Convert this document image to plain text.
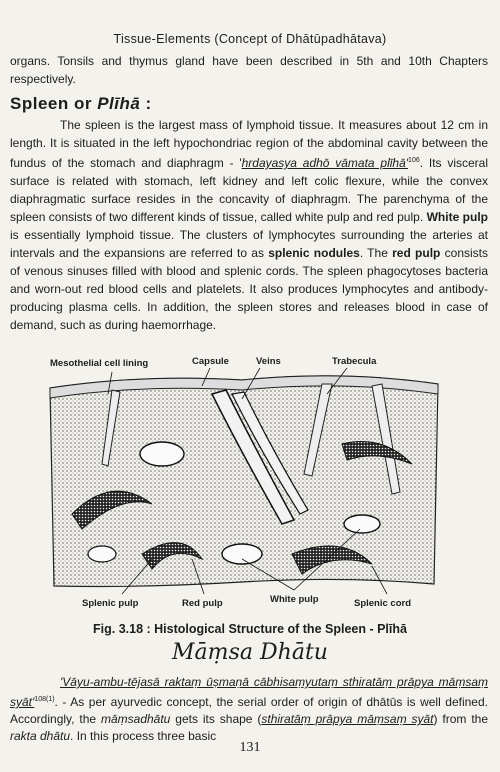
Tissue-Elements (Concept of Dhātūpadhātava)
organs. Tonsils and thymus gland have been described in 5th and 10th Chapters respectively.
Spleen or Plīhā :
The spleen is the largest mass of lymphoid tissue. It measures about 12 cm in length. It is situated in the left hypochondriac region of the abdominal cavity between the fundus of the stomach and diaphragm - 'hrdayasya adhō vāmata $plīhā'^{106}$. Its visceral surface is related with stomach, left kidney and left colic flexure, while the convex diaphragmatic surface resides in the concavity of diaphragm. The parenchyma of the spleen consists of two different kinds of tissue, called white pulp and red pulp. White pulp is essentially lymphoid tissue. The clusters of lymphocytes surrounding the arteries at intervals and the expansions are referred to as splenic nodules. The red pulp consists of venous sinuses filled with blood and splenic cords. The spleen phagocytoses bacteria and worn-out red blood cells and platelets. It also produces lymphocytes and antibody-producing plasma cells. In addition, the spleen stores and releases blood in case of demand, such as during haemorrhage.
Mesothelial cell lining	Capsule	Veins	Trabecula
Splenic pulp	Red pulp	White pulp	Splenic cord
Fig. 3.18 : Histological Structure of the Spleen - Plīhā
Māṃsa Dhātu
'Vāyu-ambu-tējasā raktaṃ ūṣmaṇā cābhisaṃyutaṃ sthiratāṃ prāpya māṃsaṃ $syāt'^{108(1)}$. - As per ayurvedic concept, the serial order of origin of dhātūs is well defined. Accordingly, the māṃsadhātu gets its shape (sthiratāṃ prāpya māṃsaṃ syāt) from the rakta dhātu. In this process three basic
131
